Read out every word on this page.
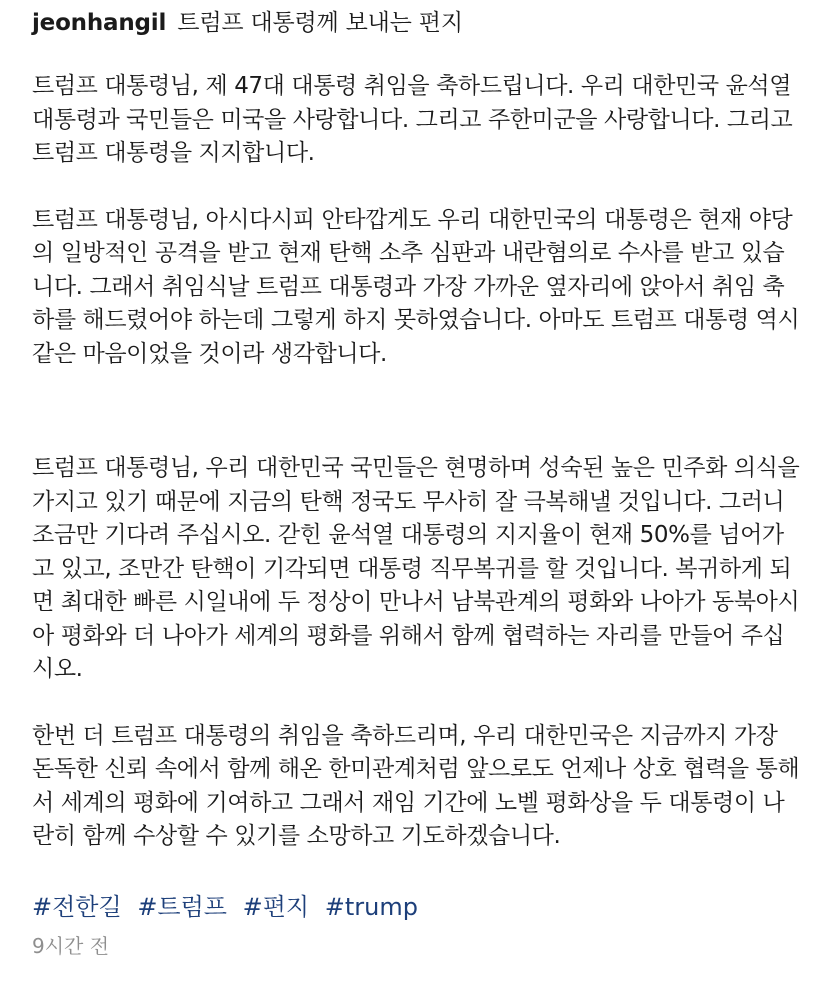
jeonhangil 트럼프 대통령께 보내는 편지

트럼프 대통령님, 제 47대 대통령 취임을 축하드립니다. 우리 대한민국 윤석열 대통령과 국민들은 미국을 사랑합니다. 그리고 주한미군을 사랑합니다. 그리고 트럼프 대통령을 지지합니다.

트럼프 대통령님, 아시다시피 안타깝게도 우리 대한민국의 대통령은 현재 야당의 일방적인 공격을 받고 현재 탄핵 소추 심판과 내란혐의로 수사를 받고 있습니다. 그래서 취임식날 트럼프 대통령과 가장 가까운 옆자리에 앉아서 취임 축하를 해드렸어야 하는데 그렇게 하지 못하였습니다. 아마도 트럼프 대통령 역시 같은 마음이었을 것이라 생각합니다.

트럼프 대통령님, 우리 대한민국 국민들은 현명하며 성숙된 높은 민주화 의식을 가지고 있기 때문에 지금의 탄핵 정국도 무사히 잘 극복해낼 것입니다. 그러니 조금만 기다려 주십시오. 갇힌 윤석열 대통령의 지지율이 현재 50%를 넘어가고 있고, 조만간 탄핵이 기각되면 대통령 직무복귀를 할 것입니다. 복귀하게 되면 최대한 빠른 시일내에 두 정상이 만나서 남북관계의 평화와 나아가 동북아시아 평화와 더 나아가 세계의 평화를 위해서 함께 협력하는 자리를 만들어 주십시오.

한번 더 트럼프 대통령의 취임을 축하드리며, 우리 대한민국은 지금까지 가장 돈독한 신뢰 속에서 함께 해온 한미관계처럼 앞으로도 언제나 상호 협력을 통해서 세계의 평화에 기여하고 그래서 재임 기간에 노벨 평화상을 두 대통령이 나란히 함께 수상할 수 있기를 소망하고 기도하겠습니다.

#전한길 #트럼프 #편지 #trump
9시간 전
